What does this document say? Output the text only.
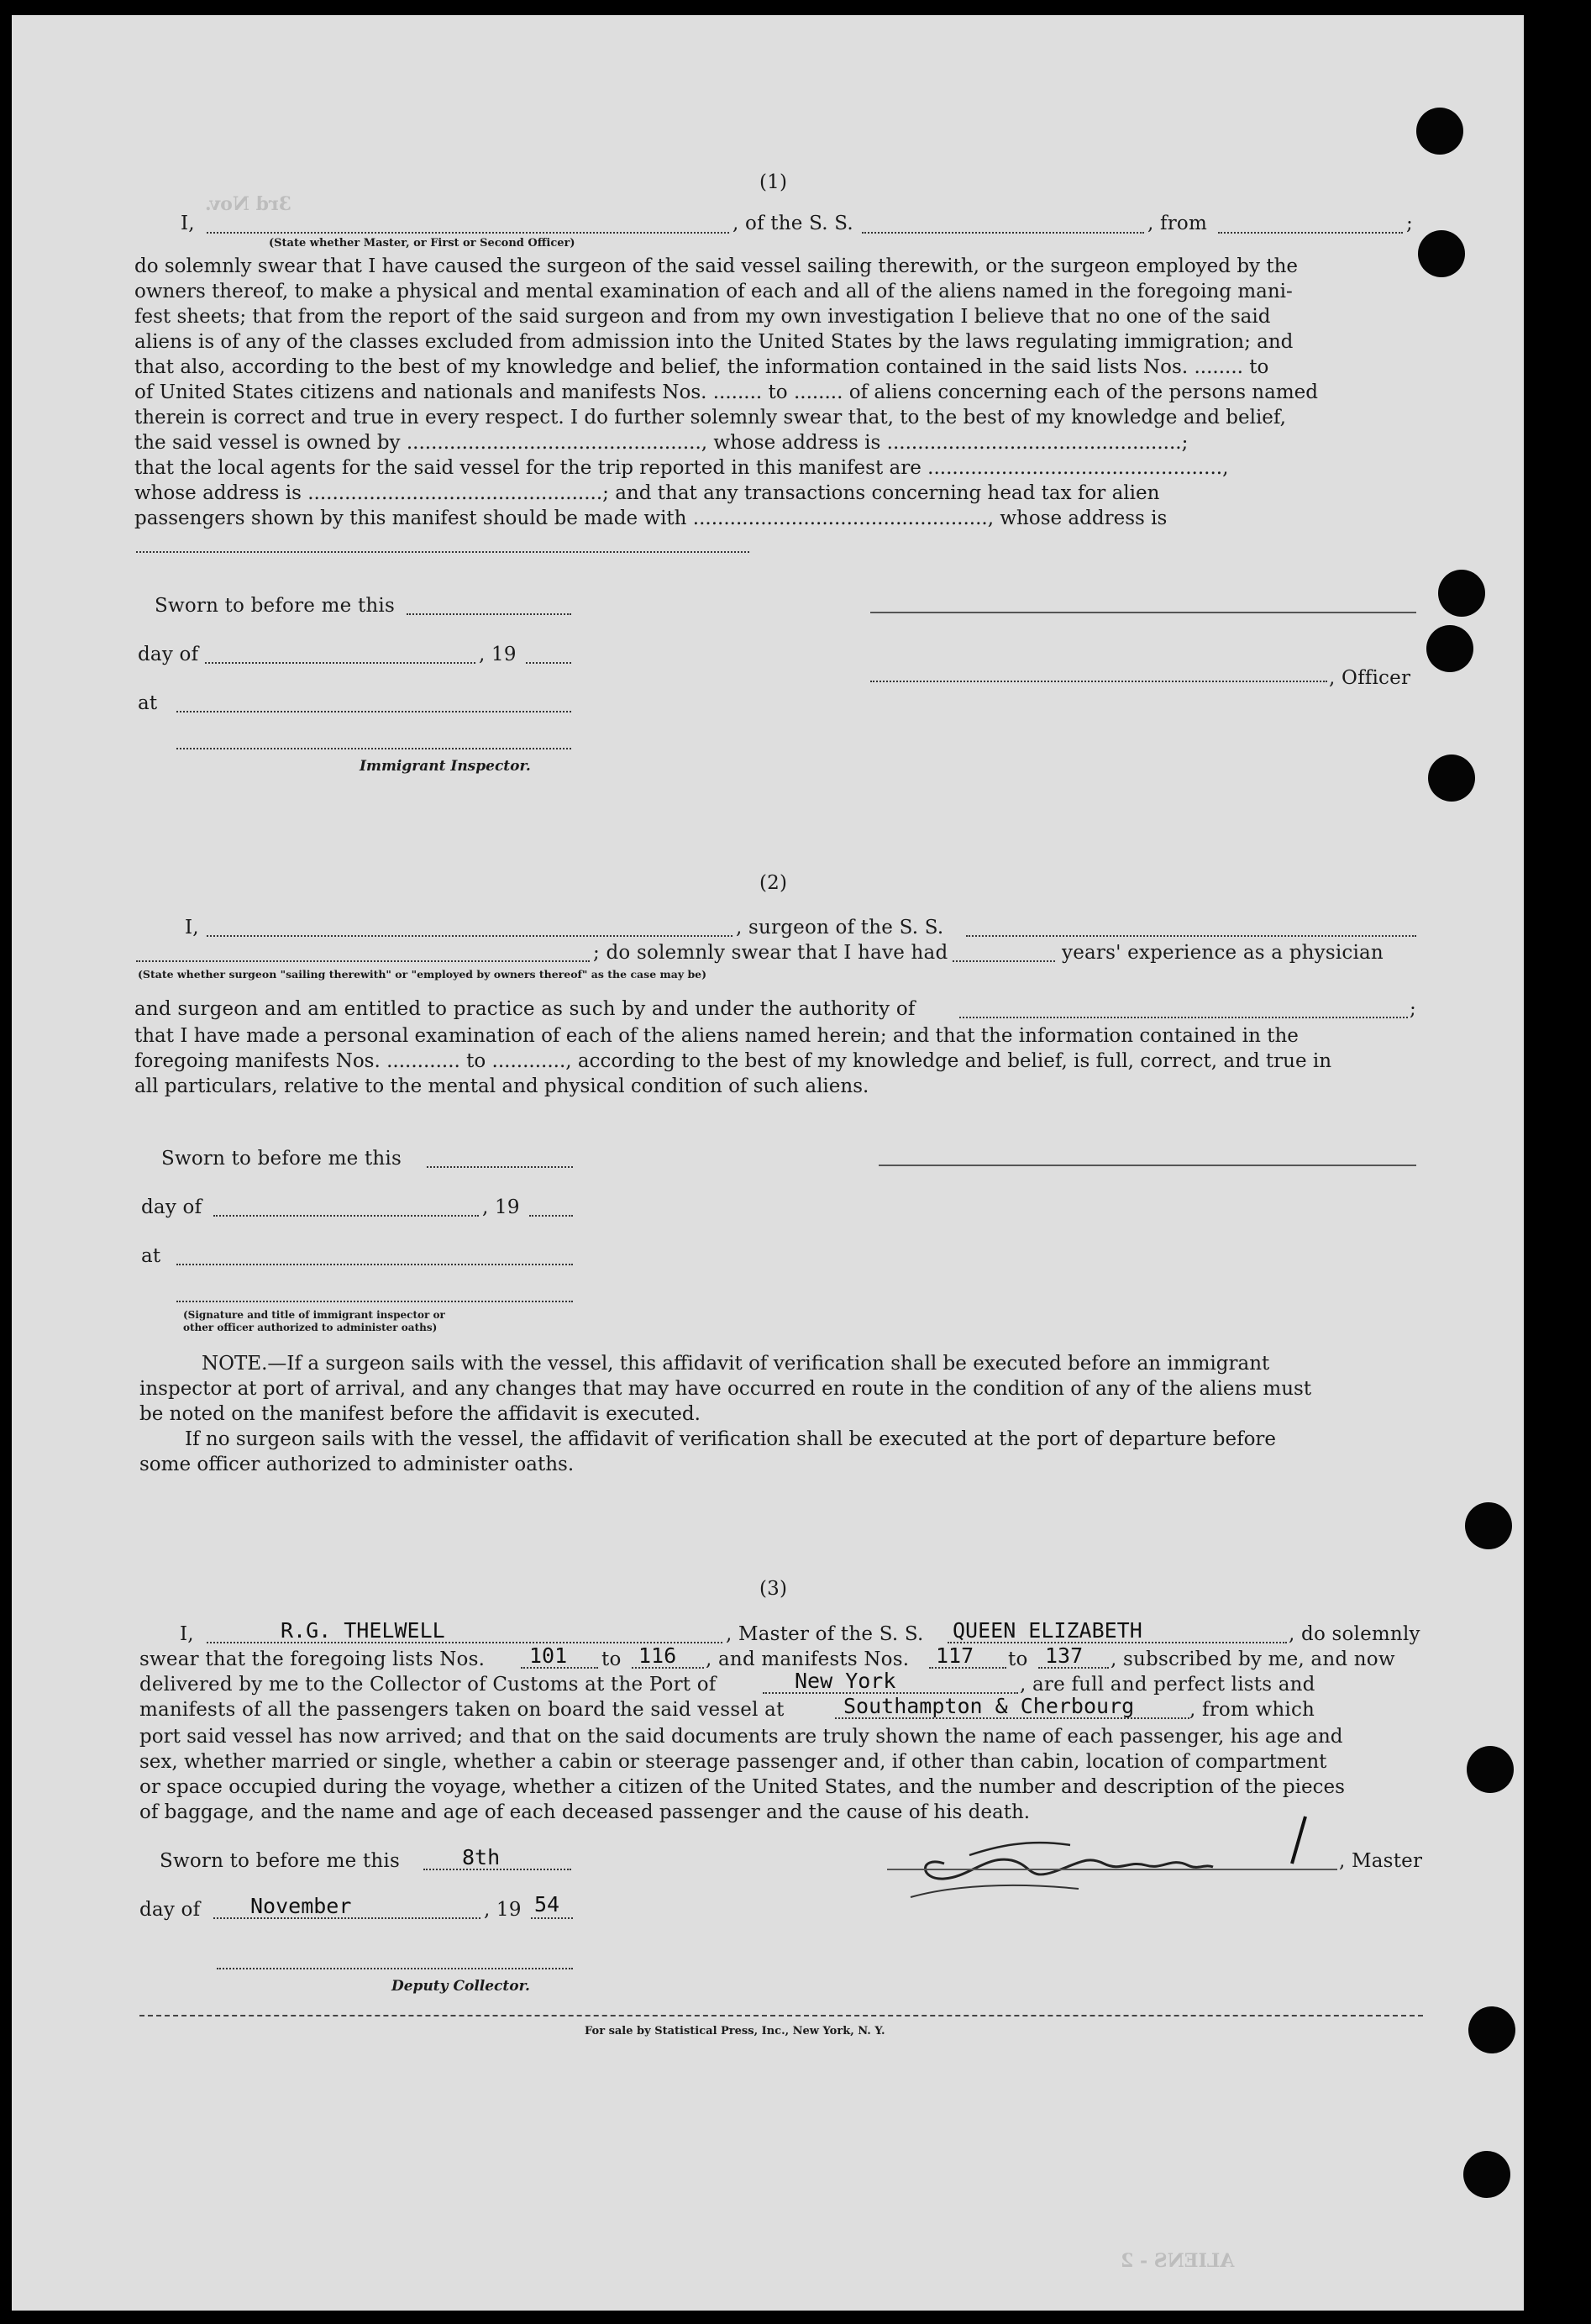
(1)
3rd Nov.
I,	, of the S. S.	, from	;
(State whether Master, or First or Second Officer)
do solemnly swear that I have caused the surgeon of the said vessel sailing therewith, or the surgeon employed by the
owners thereof, to make a physical and mental examination of each and all of the aliens named in the foregoing mani-
fest sheets; that from the report of the said surgeon and from my own investigation I believe that no one of the said
aliens is of any of the classes excluded from admission into the United States by the laws regulating immigration; and
that also, according to the best of my knowledge and belief, the information contained in the said lists Nos. ........ to
of United States citizens and nationals and manifests Nos. ........ to ........ of aliens concerning each of the persons named
therein is correct and true in every respect. I do further solemnly swear that, to the best of my knowledge and belief,
the said vessel is owned by ................................................, whose address is ................................................;
that the local agents for the said vessel for the trip reported in this manifest are ................................................,
whose address is ................................................; and that any transactions concerning head tax for alien
passengers shown by this manifest should be made with ................................................, whose address is
Sworn to before me this
day of	, 19
at
, Officer
Immigrant Inspector.
(2)
I,	, surgeon of the S. S.
; do solemnly swear that I have had	years' experience as a physician
(State whether surgeon "sailing therewith" or "employed by owners thereof" as the case may be)
and surgeon and am entitled to practice as such by and under the authority of	;
that I have made a personal examination of each of the aliens named herein; and that the information contained in the
foregoing manifests Nos. ............ to ............, according to the best of my knowledge and belief, is full, correct, and true in
all particulars, relative to the mental and physical condition of such aliens.
Sworn to before me this
day of	, 19
at
(Signature and title of immigrant inspector or
other officer authorized to administer oaths)
NOTE.—If a surgeon sails with the vessel, this affidavit of verification shall be executed before an immigrant
inspector at port of arrival, and any changes that may have occurred en route in the condition of any of the aliens must
be noted on the manifest before the affidavit is executed.
If no surgeon sails with the vessel, the affidavit of verification shall be executed at the port of departure before
some officer authorized to administer oaths.
(3)
I,	R.G. THELWELL	, Master of the S. S. QUEEN ELIZABETH	, do solemnly
swear that the foregoing lists Nos. 101 to 116 , and manifests Nos. 117 to 137 , subscribed by me, and now
delivered by me to the Collector of Customs at the Port of	New York	, are full and perfect lists and
manifests of all the passengers taken on board the said vessel at	Southampton & Cherbourg	, from which
port said vessel has now arrived; and that on the said documents are truly shown the name of each passenger, his age and
sex, whether married or single, whether a cabin or steerage passenger and, if other than cabin, location of compartment
or space occupied during the voyage, whether a citizen of the United States, and the number and description of the pieces
of baggage, and the name and age of each deceased passenger and the cause of his death.
Sworn to before me this	8th	, Master
day of November	, 19 54
Deputy Collector.
For sale by Statistical Press, Inc., New York, N. Y.
ALIENS - 2
